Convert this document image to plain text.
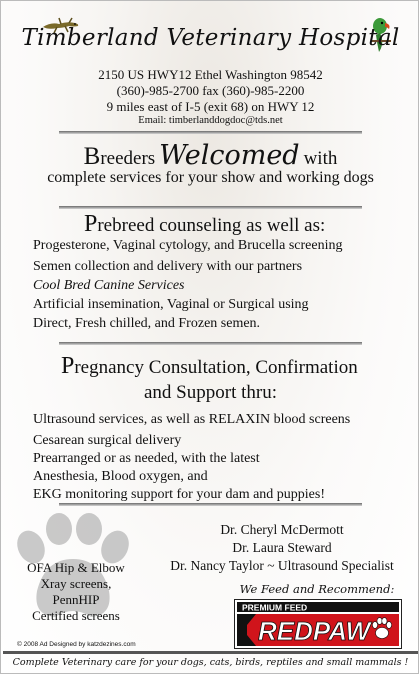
Timberland Veterinary Hospital
2150 US HWY12 Ethel Washington 98542
(360)-985-2700 fax (360)-985-2200
9 miles east of I-5 (exit 68) on HWY 12
Email: timberlanddogdoc@tds.net
Breeders Welcomed with
complete services for your show and working dogs
Prebreed counseling as well as:
Progesterone, Vaginal cytology, and Brucella screening
Semen collection and delivery with our partners
Cool Bred Canine Services
Artificial insemination, Vaginal or Surgical using
Direct, Fresh chilled, and Frozen semen.
Pregnancy Consultation, Confirmation
and Support thru:
Ultrasound services, as well as RELAXIN blood screens
Cesarean surgical delivery
Prearranged or as needed, with the latest
Anesthesia, Blood oxygen, and
EKG monitoring support for your dam and puppies!
OFA Hip & Elbow
Xray screens,
PennHIP
Certified screens
Dr. Cheryl McDermott
Dr. Laura Steward
Dr. Nancy Taylor ~ Ultrasound Specialist
We Feed and Recommend:
PREMIUM FEED
REDPAW
© 2008 Ad Designed by katzdezines.com
Complete Veterinary care for your dogs, cats, birds, reptiles and small mammals !
